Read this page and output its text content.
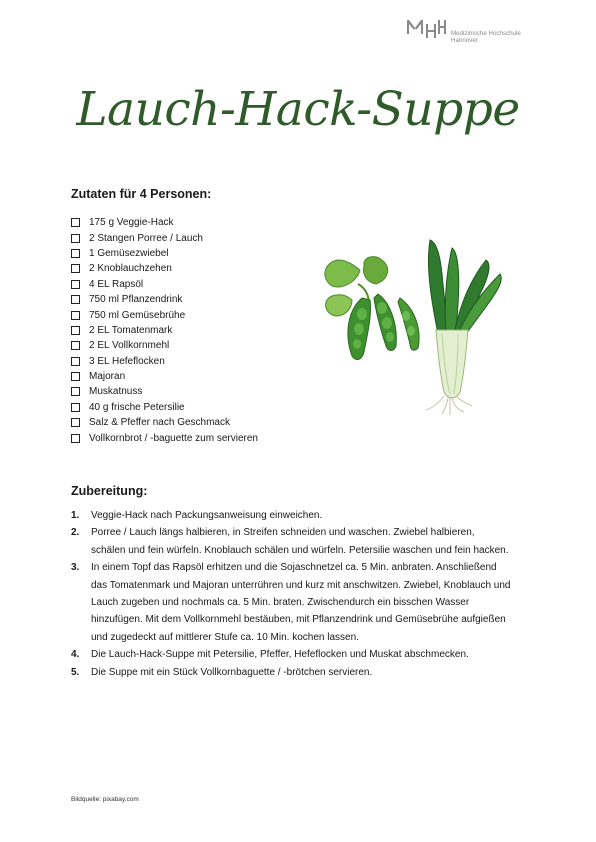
Medizinische Hochschule
Hannover
Lauch-Hack-Suppe
Zutaten für 4 Personen:
175 g Veggie-Hack
2 Stangen Porree / Lauch
1 Gemüsezwiebel
2 Knoblauchzehen
4 EL Rapsöl
750 ml Pflanzendrink
750 ml Gemüsebrühe
2 EL Tomatenmark
2 EL Vollkornmehl
3 EL Hefeflocken
Majoran
Muskatnuss
40 g frische Petersilie
Salz & Pfeffer nach Geschmack
Vollkornbrot / -baguette zum servieren
Zubereitung:
1.	Veggie-Hack nach Packungsanweisung einweichen.
2.	Porree / Lauch längs halbieren, in Streifen schneiden und waschen. Zwiebel halbieren, schälen und fein würfeln. Knoblauch schälen und würfeln. Petersilie waschen und fein hacken.
3.	In einem Topf das Rapsöl erhitzen und die Sojaschnetzel ca. 5 Min. anbraten. Anschließend das Tomatenmark und Majoran unterrühren und kurz mit anschwitzen. Zwiebel, Knoblauch und Lauch zugeben und nochmals ca. 5 Min. braten. Zwischendurch ein bisschen Wasser hinzufügen. Mit dem Vollkornmehl bestäuben, mit Pflanzendrink und Gemüsebrühe aufgießen und zugedeckt auf mittlerer Stufe ca. 10 Min. kochen lassen.
4.	Die Lauch-Hack-Suppe mit Petersilie, Pfeffer, Hefeflocken und Muskat abschmecken.
5.	Die Suppe mit ein Stück Vollkornbaguette / -brötchen servieren.
Bildquelle: pixabay.com
